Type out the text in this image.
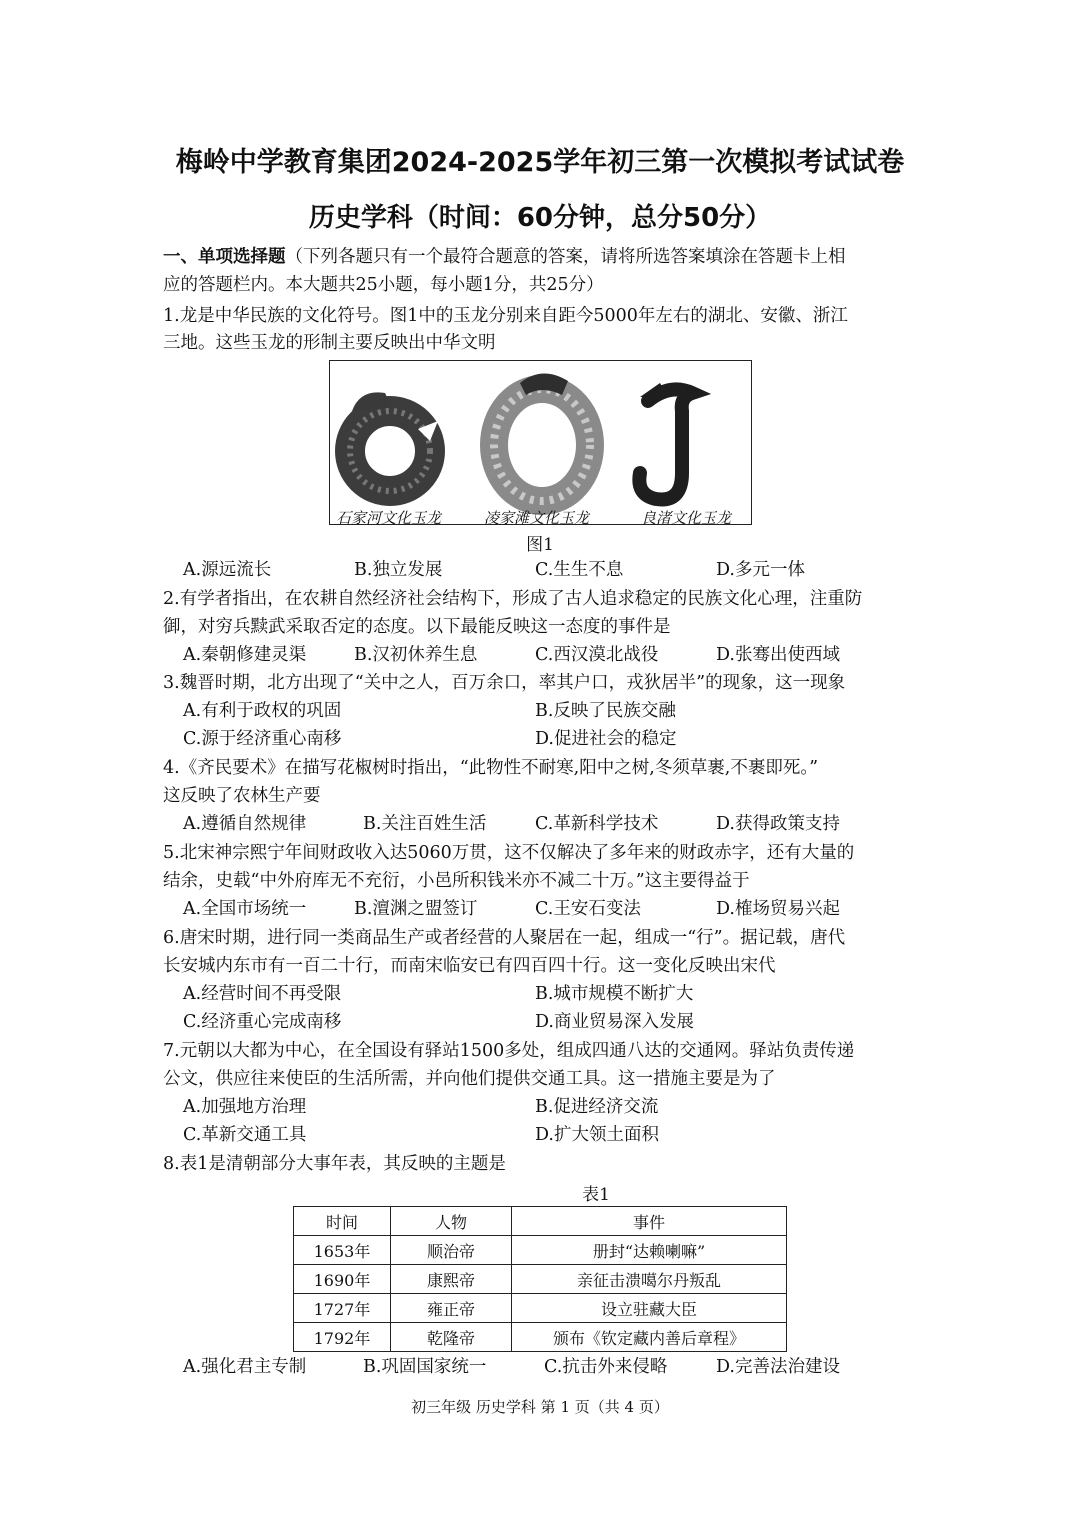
梅岭中学教育集团2024-2025学年初三第一次模拟考试试卷
历史学科（时间：60分钟，总分50分）
一、单项选择题（下列各题只有一个最符合题意的答案，请将所选答案填涂在答题卡上相
应的答题栏内。本大题共25小题，每小题1分，共25分）
1.龙是中华民族的文化符号。图1中的玉龙分别来自距今5000年左右的湖北、安徽、浙江
三地。这些玉龙的形制主要反映出中华文明
石家河文化玉龙	凌家滩文化玉龙	良渚文化玉龙
图1
A.源远流长	B.独立发展	C.生生不息	D.多元一体
2.有学者指出，在农耕自然经济社会结构下，形成了古人追求稳定的民族文化心理，注重防
御，对穷兵黩武采取否定的态度。以下最能反映这一态度的事件是
A.秦朝修建灵渠	B.汉初休养生息	C.西汉漠北战役	D.张骞出使西域
3.魏晋时期，北方出现了“关中之人，百万余口，率其户口，戎狄居半”的现象，这一现象
A.有利于政权的巩固	B.反映了民族交融
C.源于经济重心南移	D.促进社会的稳定
4.《齐民要术》在描写花椒树时指出，“此物性不耐寒,阳中之树,冬须草裹,不裹即死。”
这反映了农林生产要
A.遵循自然规律	B.关注百姓生活	C.革新科学技术	D.获得政策支持
5.北宋神宗熙宁年间财政收入达5060万贯，这不仅解决了多年来的财政赤字，还有大量的
结余，史载“中外府库无不充衍，小邑所积钱米亦不减二十万。”这主要得益于
A.全国市场统一	B.澶渊之盟签订	C.王安石变法	D.榷场贸易兴起
6.唐宋时期，进行同一类商品生产或者经营的人聚居在一起，组成一“行”。据记载，唐代
长安城内东市有一百二十行，而南宋临安已有四百四十行。这一变化反映出宋代
A.经营时间不再受限	B.城市规模不断扩大
C.经济重心完成南移	D.商业贸易深入发展
7.元朝以大都为中心，在全国设有驿站1500多处，组成四通八达的交通网。驿站负责传递
公文，供应往来使臣的生活所需，并向他们提供交通工具。这一措施主要是为了
A.加强地方治理	B.促进经济交流
C.革新交通工具	D.扩大领土面积
8.表1是清朝部分大事年表，其反映的主题是
表1
时间	人物	事件
1653年	顺治帝	册封“达赖喇嘛”
1690年	康熙帝	亲征击溃噶尔丹叛乱
1727年	雍正帝	设立驻藏大臣
1792年	乾隆帝	颁布《钦定藏内善后章程》
A.强化君主专制	B.巩固国家统一	C.抗击外来侵略	D.完善法治建设
初三年级 历史学科 第 1 页（共 4 页）
